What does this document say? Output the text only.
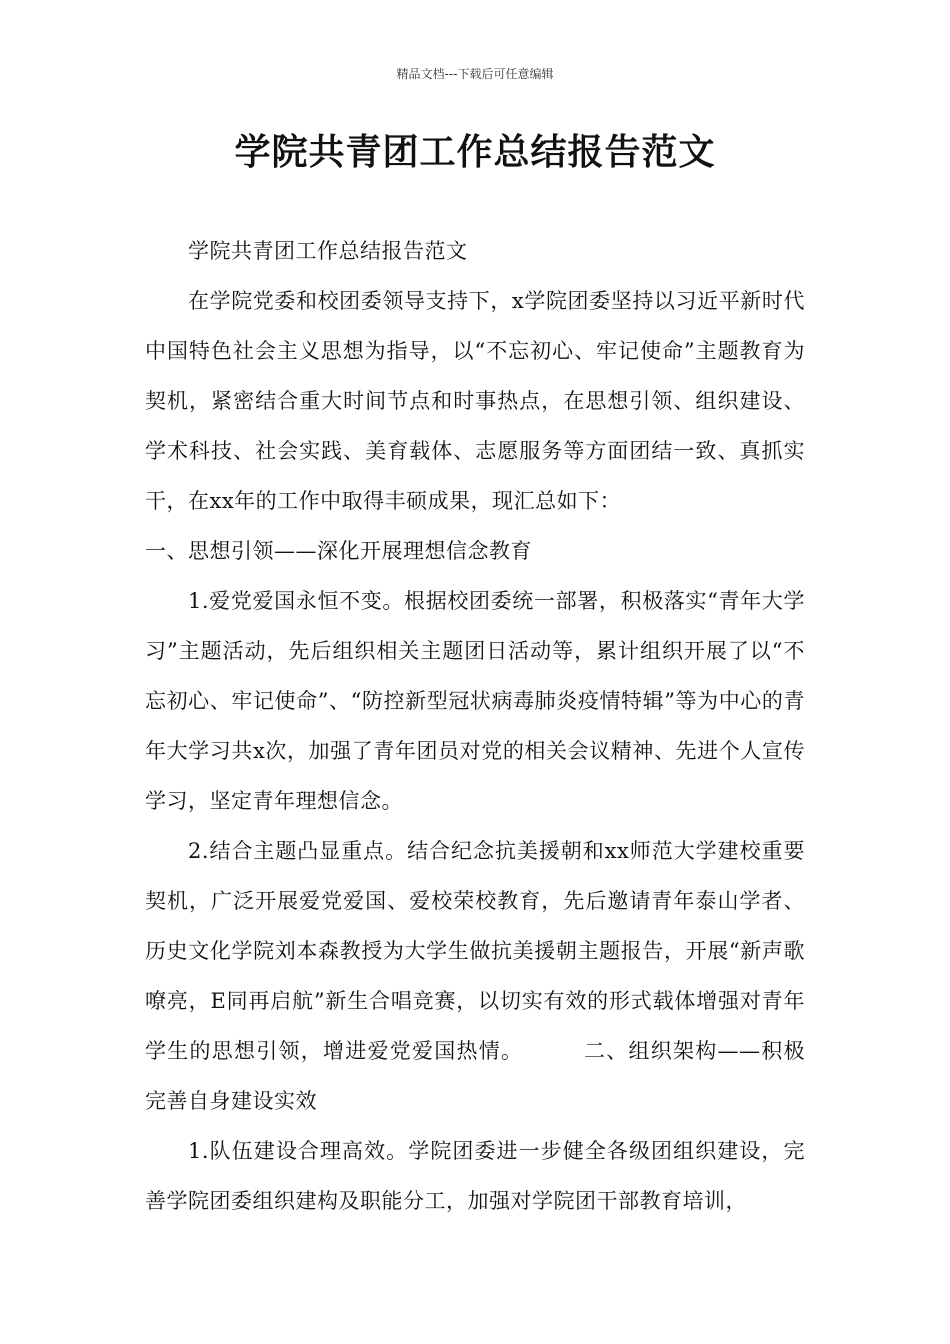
精品文档---下载后可任意编辑
学院共青团工作总结报告范文

学院共青团工作总结报告范文

在学院党委和校团委领导支持下，x学院团委坚持以习近平新时代中国特色社会主义思想为指导，以“不忘初心、牢记使命”主题教育为契机，紧密结合重大时间节点和时事热点，在思想引领、组织建设、学术科技、社会实践、美育载体、志愿服务等方面团结一致、真抓实干，在xx年的工作中取得丰硕成果，现汇总如下：

一、思想引领——深化开展理想信念教育

1.爱党爱国永恒不变。根据校团委统一部署，积极落实“青年大学习”主题活动，先后组织相关主题团日活动等，累计组织开展了以“不忘初心、牢记使命”、“防控新型冠状病毒肺炎疫情特辑”等为中心的青年大学习共x次，加强了青年团员对党的相关会议精神、先进个人宣传学习，坚定青年理想信念。

2.结合主题凸显重点。结合纪念抗美援朝和xx师范大学建校重要契机，广泛开展爱党爱国、爱校荣校教育，先后邀请青年泰山学者、历史文化学院刘本森教授为大学生做抗美援朝主题报告，开展“新声歌嘹亮，E同再启航”新生合唱竞赛，以切实有效的形式载体增强对青年学生的思想引领，增进爱党爱国热情。	二、组织架构——积极完善自身建设实效

1.队伍建设合理高效。学院团委进一步健全各级团组织建设，完善学院团委组织建构及职能分工，加强对学院团干部教育培训，
